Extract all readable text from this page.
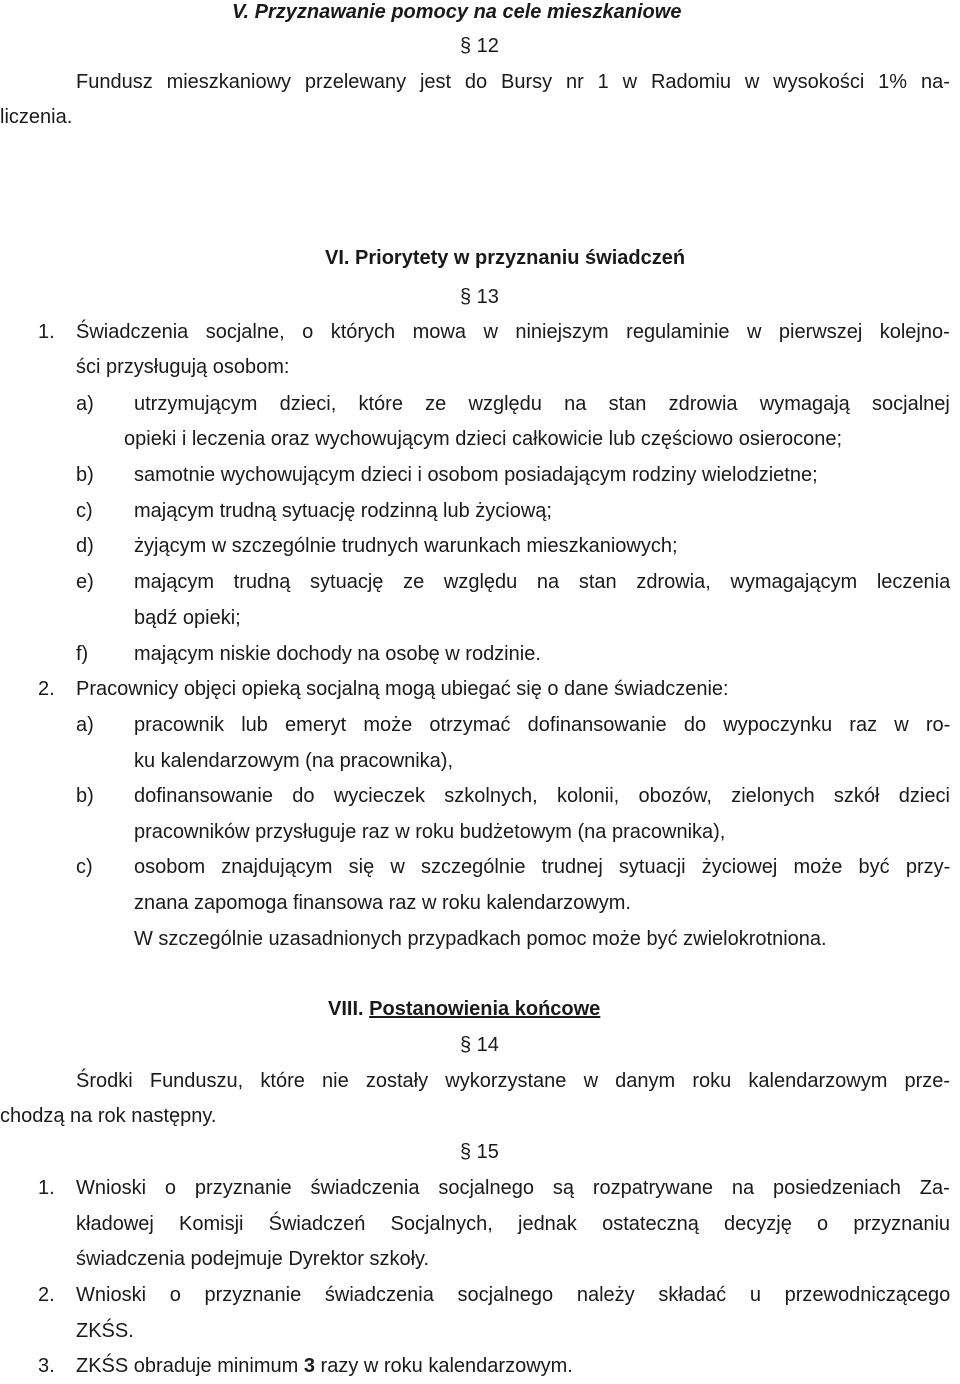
V. Przyznawanie pomocy na cele mieszkaniowe
§ 12
Fundusz mieszkaniowy przelewany jest do Bursy nr 1 w Radomiu w wysokości 1% na-
liczenia.
VI. Priorytety w przyznaniu świadczeń
§ 13
1. Świadczenia socjalne, o których mowa w niniejszym regulaminie w pierwszej kolejno-
ści przysługują osobom:
a) utrzymującym dzieci, które ze względu na stan zdrowia wymagają socjalnej
opieki i leczenia oraz wychowującym dzieci całkowicie lub częściowo osierocone;
b) samotnie wychowującym dzieci i osobom posiadającym rodziny wielodzietne;
c) mającym trudną sytuację rodzinną lub życiową;
d) żyjącym w szczególnie trudnych warunkach mieszkaniowych;
e) mającym trudną sytuację ze względu na stan zdrowia, wymagającym leczenia
bądź opieki;
f) mającym niskie dochody na osobę w rodzinie.
2. Pracownicy objęci opieką socjalną mogą ubiegać się o dane świadczenie:
a) pracownik lub emeryt może otrzymać dofinansowanie do wypoczynku raz w ro-
ku kalendarzowym (na pracownika),
b) dofinansowanie do wycieczek szkolnych, kolonii, obozów, zielonych szkół dzieci
pracowników przysługuje raz w roku budżetowym (na pracownika),
c) osobom znajdującym się w szczególnie trudnej sytuacji życiowej może być przy-
znana zapomoga finansowa raz w roku kalendarzowym.
W szczególnie uzasadnionych przypadkach pomoc może być zwielokrotniona.
VIII. Postanowienia końcowe
§ 14
Środki Funduszu, które nie zostały wykorzystane w danym roku kalendarzowym prze-
chodzą na rok następny.
§ 15
1. Wnioski o przyznanie świadczenia socjalnego są rozpatrywane na posiedzeniach Za-
kładowej Komisji Świadczeń Socjalnych, jednak ostateczną decyzję o przyznaniu
świadczenia podejmuje Dyrektor szkoły.
2. Wnioski o przyznanie świadczenia socjalnego należy składać u przewodniczącego
ZKŚS.
3. ZKŚS obraduje minimum 3 razy w roku kalendarzowym.
